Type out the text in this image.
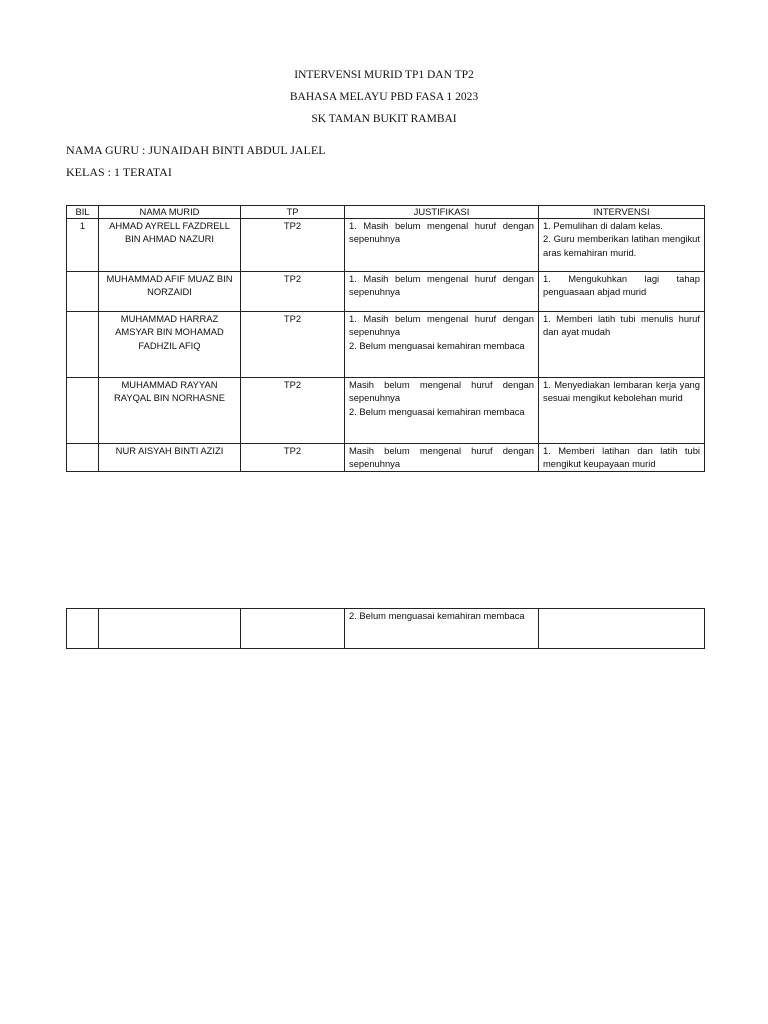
INTERVENSI MURID TP1 DAN TP2
BAHASA MELAYU PBD FASA 1 2023
SK TAMAN BUKIT RAMBAI
NAMA GURU : JUNAIDAH BINTI ABDUL JALEL
KELAS : 1 TERATAI
BIL	NAMA MURID	TP	JUSTIFIKASI	INTERVENSI
1	AHMAD AYRELL FAZDRELL BIN AHMAD NAZURI	TP2	1. Masih belum mengenal huruf dengan sepenuhnya	1. Pemulihan di dalam kelas.
2. Guru memberikan latihan mengikut aras kemahiran murid.

	MUHAMMAD AFIF MUAZ BIN NORZAIDI	TP2	1. Masih belum mengenal huruf dengan sepenuhnya	1. Mengukuhkan lagi tahap penguasaan abjad murid

	MUHAMMAD HARRAZ AMSYAR BIN MOHAMAD FADHZIL AFIQ	TP2	1. Masih belum mengenal huruf dengan sepenuhnya
2. Belum menguasai kemahiran membaca	1. Memberi latih tubi menulis huruf dan ayat mudah

	MUHAMMAD RAYYAN RAYQAL BIN NORHASNE	TP2	Masih belum mengenal huruf dengan sepenuhnya
2. Belum menguasai kemahiran membaca	1. Menyediakan lembaran kerja yang sesuai mengikut kebolehan murid

	NUR AISYAH BINTI AZIZI	TP2	Masih belum mengenal huruf dengan sepenuhnya	1. Memberi latihan dan latih tubi mengikut keupayaan murid

2. Belum menguasai kemahiran membaca
